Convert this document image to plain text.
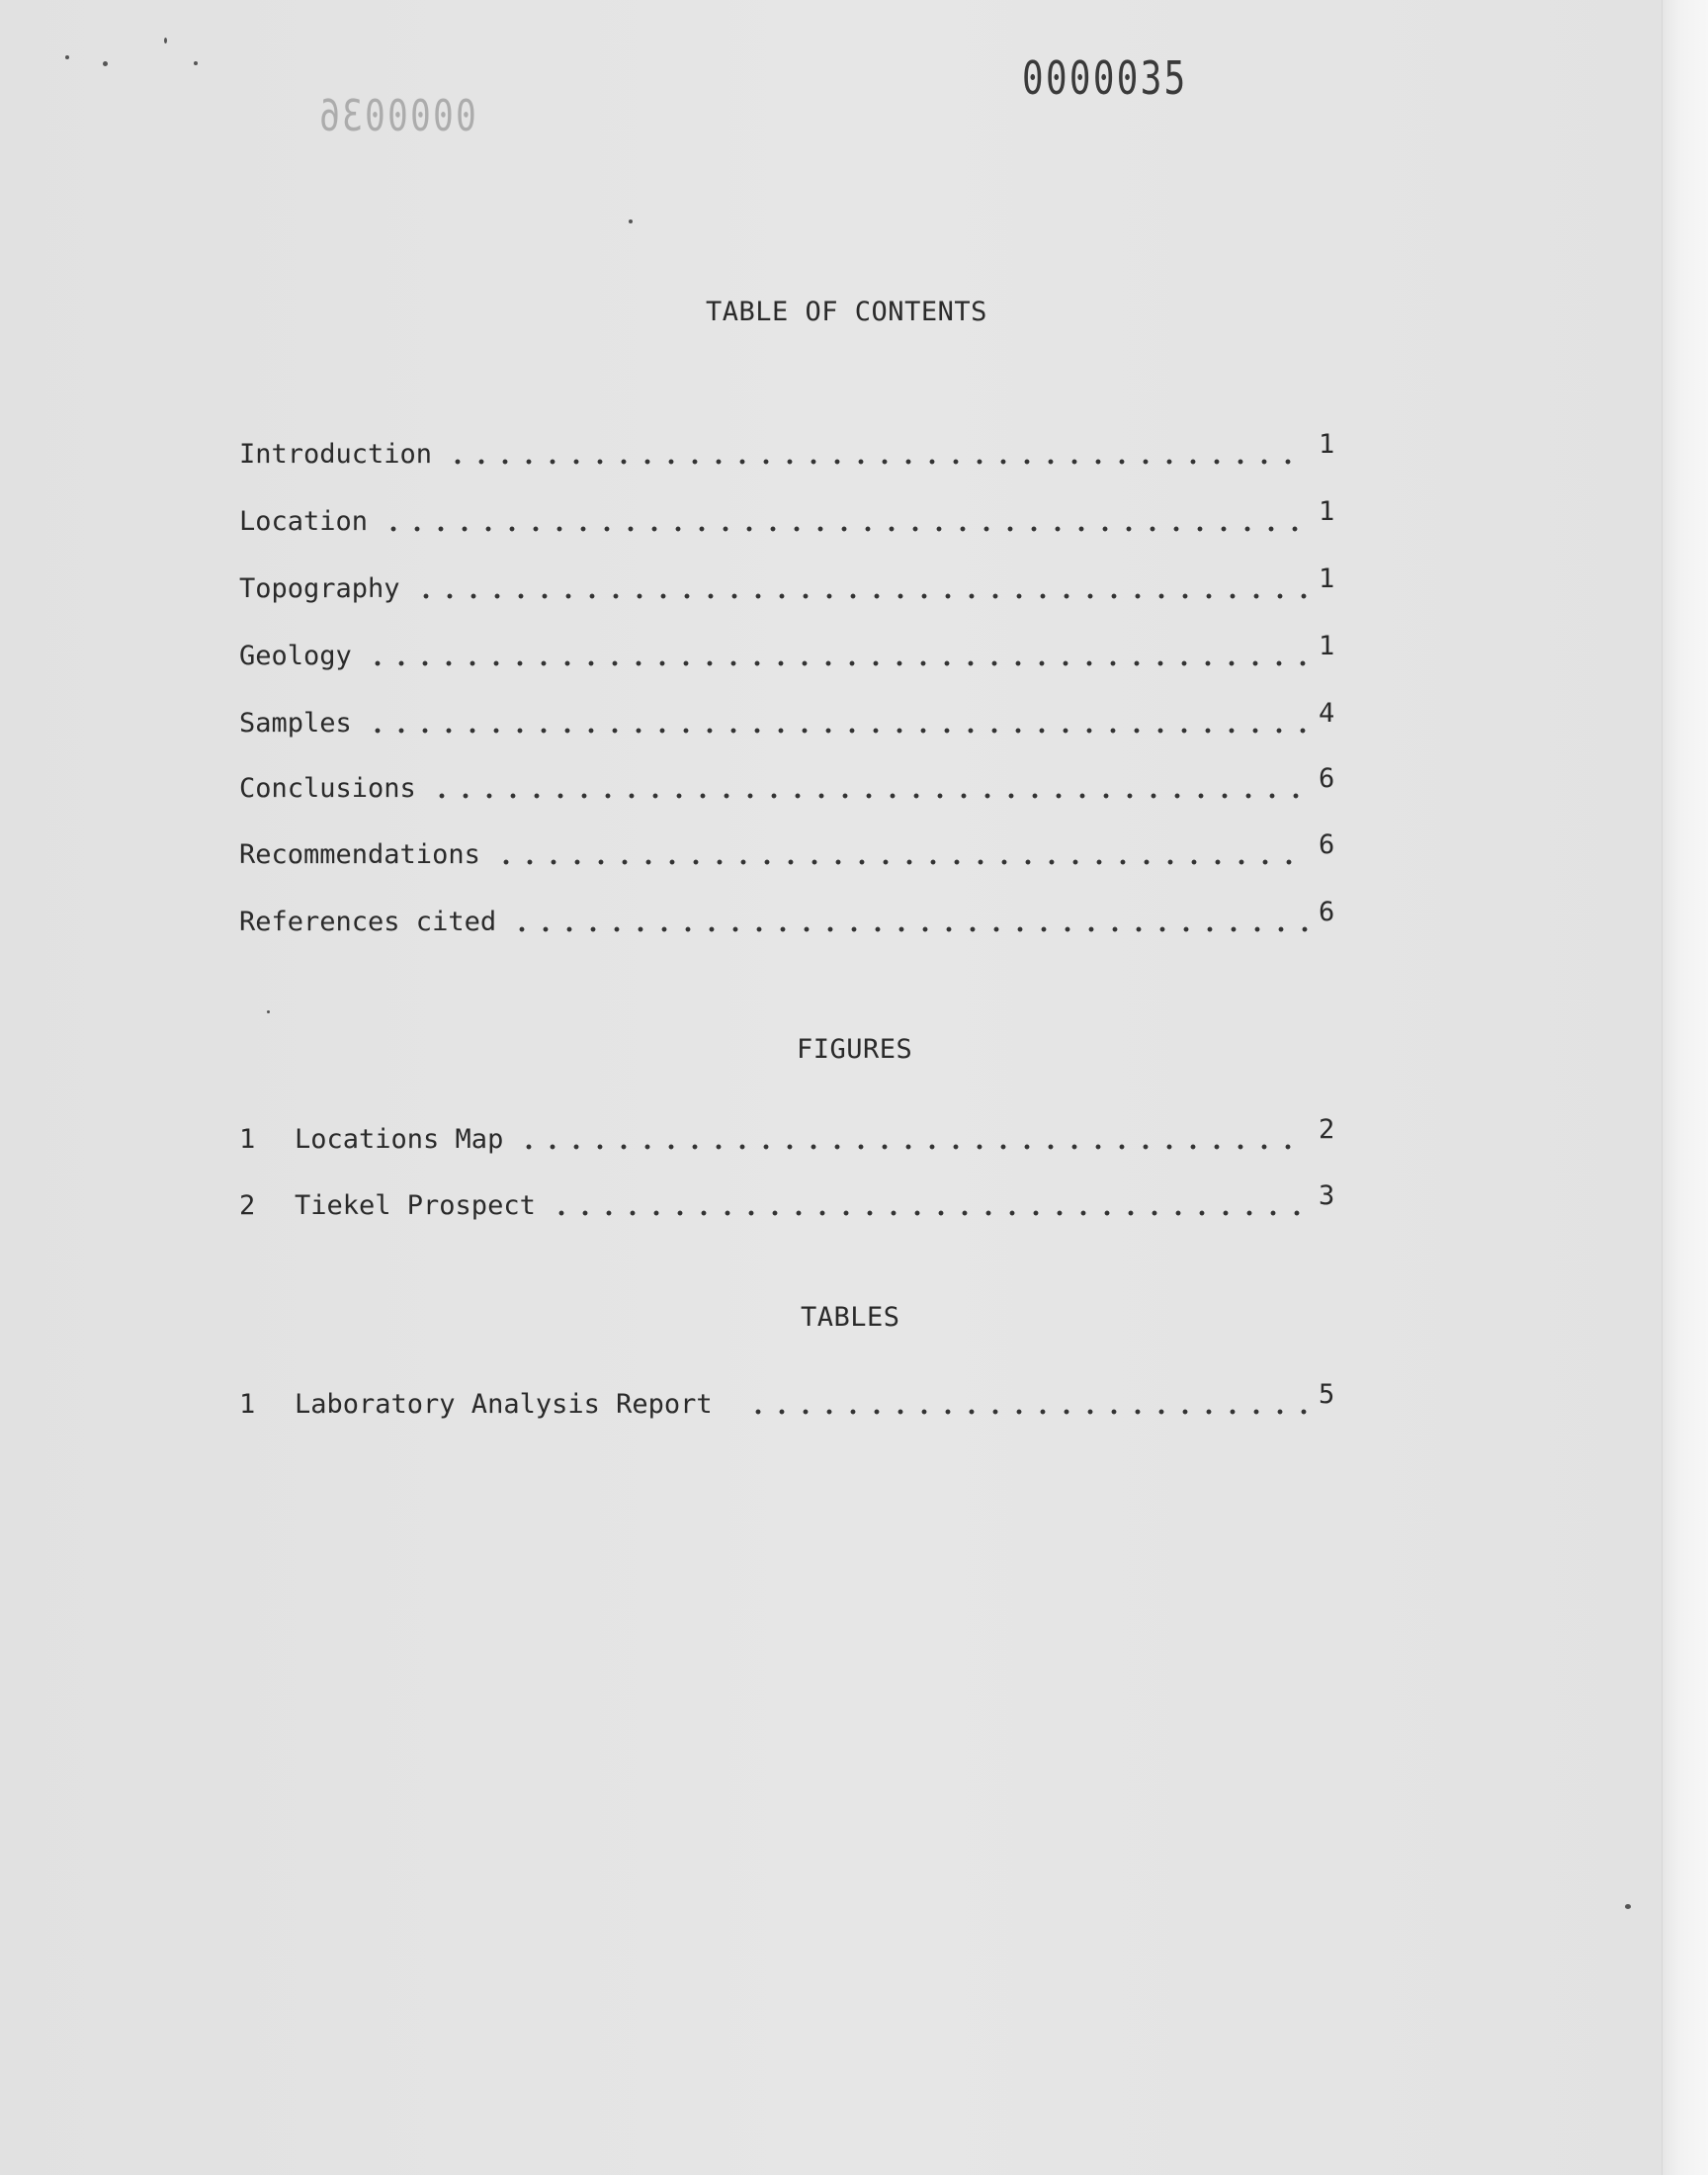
0000035
0000036
TABLE OF CONTENTS
Introduction	1
Location	1
Topography	1
Geology	1
Samples	4
Conclusions	6
Recommendations	6
References cited	6
FIGURES
1	Locations Map	2
2	Tiekel Prospect	3
TABLES
1	Laboratory Analysis Report	5
